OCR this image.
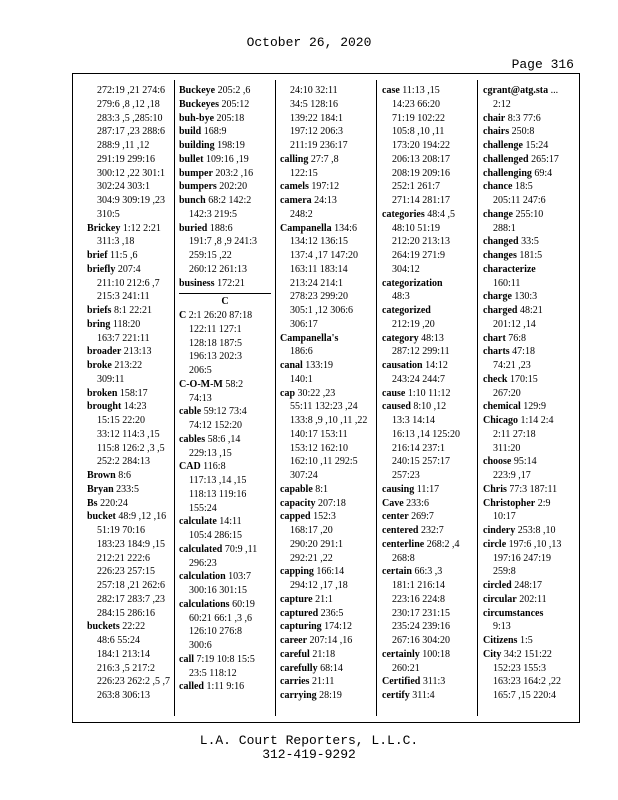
October 26, 2020
Page 316
272:19 ,21 274:6
279:6 ,8 ,12 ,18
283:3 ,5 ,285:10
287:17 ,23 288:6
288:9 ,11 ,12
291:19 299:16
300:12 ,22 301:1
302:24 303:1
304:9 309:19 ,23
310:5
Brickey 1:12 2:21
311:3 ,18
brief 11:5 ,6
briefly 207:4
211:10 212:6 ,7
215:3 241:11
briefs 8:1 22:21
bring 118:20
163:7 221:11
broader 213:13
broke 213:22
309:11
broken 158:17
brought 14:23
15:15 22:20
33:12 114:3 ,15
115:8 126:2 ,3 ,5
252:2 284:13
Brown 8:6
Bryan 233:5
Bs 220:24
bucket 48:9 ,12 ,16
51:19 70:16
183:23 184:9 ,15
212:21 222:6
226:23 257:15
257:18 ,21 262:6
282:17 283:7 ,23
284:15 286:16
buckets 22:22
48:6 55:24
184:1 213:14
216:3 ,5 217:2
226:23 262:2 ,5 ,7
263:8 306:13
Buckeye 205:2 ,6
Buckeyes 205:12
buh-bye 205:18
build 168:9
building 198:19
bullet 109:16 ,19
bumper 203:2 ,16
bumpers 202:20
bunch 68:2 142:2
142:3 219:5
buried 188:6
191:7 ,8 ,9 241:3
259:15 ,22
260:12 261:13
business 172:21
C
C 2:1 26:20 87:18
122:11 127:1
128:18 187:5
196:13 202:3
206:5
C-O-M-M 58:2
74:13
cable 59:12 73:4
74:12 152:20
cables 58:6 ,14
229:13 ,15
CAD 116:8
117:13 ,14 ,15
118:13 119:16
155:24
calculate 14:11
105:4 286:15
calculated 70:9 ,11
296:23
calculation 103:7
300:16 301:15
calculations 60:19
60:21 66:1 ,3 ,6
126:10 276:8
300:6
call 7:19 10:8 15:5
23:5 118:12
called 1:11 9:16
24:10 32:11
34:5 128:16
139:22 184:1
197:12 206:3
211:19 236:17
calling 27:7 ,8
122:15
camels 197:12
camera 24:13
248:2
Campanella 134:6
134:12 136:15
137:4 ,17 147:20
163:11 183:14
213:24 214:1
278:23 299:20
305:1 ,12 306:6
306:17
Campanella's
186:6
canal 133:19
140:1
cap 30:22 ,23
55:11 132:23 ,24
133:8 ,9 ,10 ,11 ,22
140:17 153:11
153:12 162:10
162:10 ,11 292:5
307:24
capable 8:1
capacity 207:18
capped 152:3
168:17 ,20
290:20 291:1
292:21 ,22
capping 166:14
294:12 ,17 ,18
capture 21:1
captured 236:5
capturing 174:12
career 207:14 ,16
careful 21:18
carefully 68:14
carries 21:11
carrying 28:19
case 11:13 ,15
14:23 66:20
71:19 102:22
105:8 ,10 ,11
173:20 194:22
206:13 208:17
208:19 209:16
252:1 261:7
271:14 281:17
categories 48:4 ,5
48:10 51:19
212:20 213:13
264:19 271:9
304:12
categorization
48:3
categorized
212:19 ,20
category 48:13
287:12 299:11
causation 14:12
243:24 244:7
cause 1:10 11:12
caused 8:10 ,12
13:3 14:14
16:13 ,14 125:20
216:14 237:1
240:15 257:17
257:23
causing 11:17
Cave 233:6
center 269:7
centered 232:7
centerline 268:2 ,4
268:8
certain 66:3 ,3
181:1 216:14
223:16 224:8
230:17 231:15
235:24 239:16
267:16 304:20
certainly 100:18
260:21
Certified 311:3
certify 311:4
cgrant@atg.sta ...
2:12
chair 8:3 77:6
chairs 250:8
challenge 15:24
challenged 265:17
challenging 69:4
chance 18:5
205:11 247:6
change 255:10
288:1
changed 33:5
changes 181:5
characterize
160:11
charge 130:3
charged 48:21
201:12 ,14
chart 76:8
charts 47:18
74:21 ,23
check 170:15
267:20
chemical 129:9
Chicago 1:14 2:4
2:11 27:18
311:20
choose 95:14
223:9 ,17
Chris 77:3 187:11
Christopher 2:9
10:17
cindery 253:8 ,10
circle 197:6 ,10 ,13
197:16 247:19
259:8
circled 248:17
circular 202:11
circumstances
9:13
Citizens 1:5
City 34:2 151:22
152:23 155:3
163:23 164:2 ,22
165:7 ,15 220:4
L.A. Court Reporters, L.L.C.
312-419-9292
